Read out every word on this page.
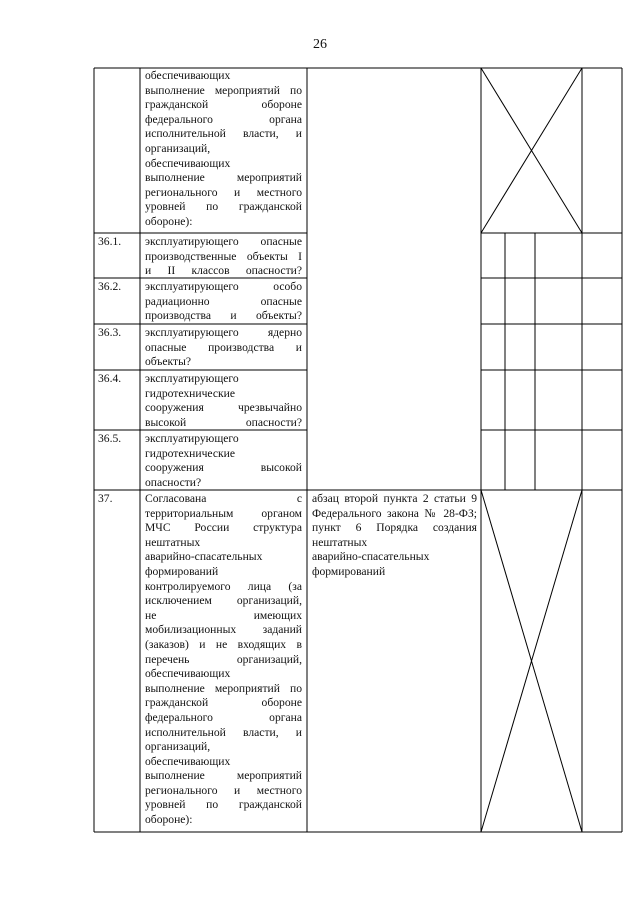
26
обеспечивающих
выполнение мероприятий по
гражданской обороне
федерального органа
исполнительной власти, и
организаций,
обеспечивающих
выполнение мероприятий
регионального и местного
уровней по гражданской
обороне):
36.1. эксплуатирующего опасные
производственные объекты I
и II классов опасности?
36.2. эксплуатирующего особо
радиационно опасные
производства и объекты?
36.3. эксплуатирующего ядерно
опасные производства и
объекты?
36.4. эксплуатирующего
гидротехнические
сооружения чрезвычайно
высокой опасности?
36.5. эксплуатирующего
гидротехнические
сооружения высокой
опасности?
37.	Согласована с
территориальным органом
МЧС России структура
нештатных
аварийно-спасательных
формирований
контролируемого лица (за
исключением организаций,
не имеющих
мобилизационных заданий
(заказов) и не входящих в
перечень организаций,
обеспечивающих
выполнение мероприятий по
гражданской обороне
федерального органа
исполнительной власти, и
организаций,
обеспечивающих
выполнение мероприятий
регионального и местного
уровней по гражданской
обороне):
абзац второй пункта 2 статьи 9
Федерального закона № 28-ФЗ;
пункт 6 Порядка создания
нештатных
аварийно-спасательных
формирований
